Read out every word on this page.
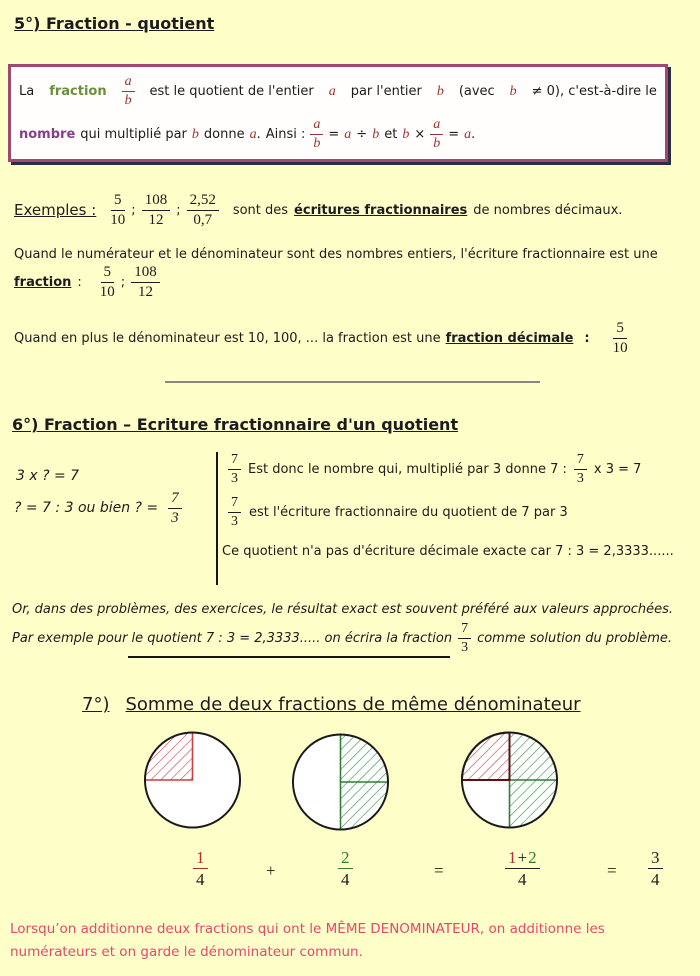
5°) Fraction - quotient
La fraction $\frac{a}{b}$ est le quotient de l'entier a par l'entier b (avec b ≠ 0), c'est-à-dire le
nombre qui multiplié par b donne a . Ainsi : $\frac{a}{b} = a \div b$ et $b \times \frac{a}{b} = a$ .
Exemples : $\frac{5}{10}$ ; $\frac{108}{12}$ ; $\frac{2,52}{0,7}$ sont des écritures fractionnaires de nombres décimaux.
Quand le numérateur et le dénominateur sont des nombres entiers, l'écriture fractionnaire est une
fraction : $\frac{5}{10}$ ; $\frac{108}{12}$
Quand en plus le dénominateur est 10, 100, ... la fraction est une fraction décimale : $\frac{5}{10}$
6°) Fraction – Ecriture fractionnaire d'un quotient
3 x ? = 7
? = 7 : 3 ou bien ? = $\frac{7}{3}$
$\frac{7}{3}$ Est donc le nombre qui, multiplié par 3 donne 7 : $\frac{7}{3}$ x 3 = 7
$\frac{7}{3}$ est l'écriture fractionnaire du quotient de 7 par 3
Ce quotient n'a pas d'écriture décimale exacte car 7 : 3 = 2,3333......
Or, dans des problèmes, des exercices, le résultat exact est souvent préféré aux valeurs approchées.
Par exemple pour le quotient 7 : 3 = 2,3333..... on écrira la fraction $\frac{7}{3}$ comme solution du problème.
7°) Somme de deux fractions de même dénominateur
$\frac{1}{4}$	+	$\frac{2}{4}$	=	$\frac{1 + 2}{4}$	= $\frac{3}{4}$
Lorsqu’on additionne deux fractions qui ont le MÊME DENOMINATEUR, on additionne les numérateurs et on garde le dénominateur commun.
